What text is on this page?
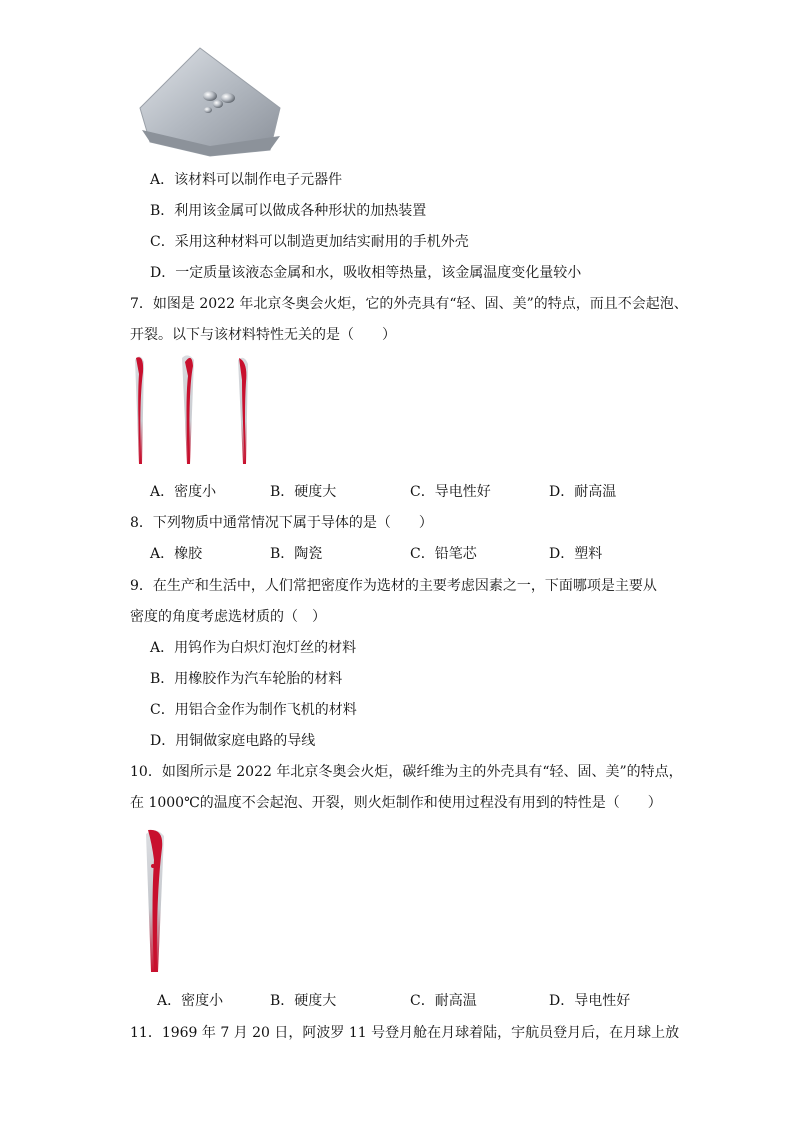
A．该材料可以制作电子元器件
B．利用该金属可以做成各种形状的加热装置
C．采用这种材料可以制造更加结实耐用的手机外壳
D．一定质量该液态金属和水，吸收相等热量，该金属温度变化量较小
7．如图是 2022 年北京冬奥会火炬，它的外壳具有“轻、固、美”的特点，而且不会起泡、
开裂。以下与该材料特性无关的是（　　）
A．密度小	B．硬度大	C．导电性好	D．耐高温
8．下列物质中通常情况下属于导体的是（　　）
A．橡胶	B．陶瓷	C．铅笔芯	D．塑料
9．在生产和生活中，人们常把密度作为选材的主要考虑因素之一，下面哪项是主要从
密度的角度考虑选材质的（　）
A．用钨作为白炽灯泡灯丝的材料
B．用橡胶作为汽车轮胎的材料
C．用铝合金作为制作飞机的材料
D．用铜做家庭电路的导线
10．如图所示是 2022 年北京冬奥会火炬，碳纤维为主的外壳具有“轻、固、美”的特点，
在 1000℃的温度不会起泡、开裂，则火炬制作和使用过程没有用到的特性是（　　）
A．密度小	B．硬度大	C．耐高温	D．导电性好
11．1969 年 7 月 20 日，阿波罗 11 号登月舱在月球着陆，宇航员登月后，在月球上放
